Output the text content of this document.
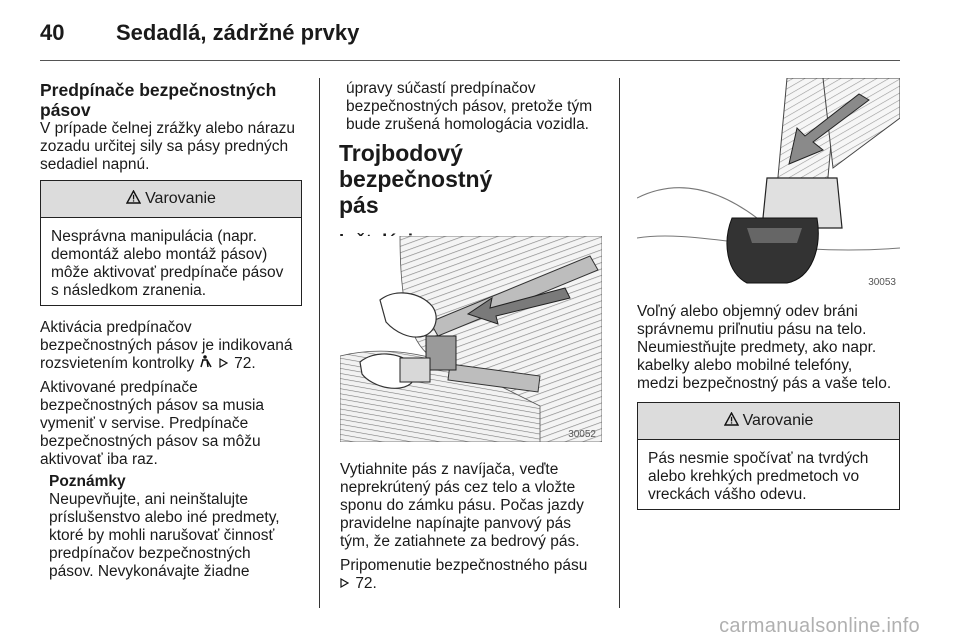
40 Sedadlá, zádržné prvky
Predpínače bezpečnostných pásov

V prípade čelnej zrážky alebo nárazu

zozadu určitej sily sa pásy predných

sedadiel napnú.

Varovanie

Nesprávna manipulácia (napr.

demontáž alebo montáž pásov)

môže aktivovať predpínače pásov

s následkom zranenia.

Aktivácia predpínačov

bezpečnostných pásov je indikovaná

rozsvietením kontrolky	72.

Aktivované predpínače

bezpečnostných pásov sa musia

vymeniť v servise. Predpínače

bezpečnostných pásov sa môžu

aktivovať iba raz.

Poznámky

Neupevňujte, ani neinštalujte

príslušenstvo alebo iné predmety,

ktoré by mohli narušovať činnosť

predpínačov bezpečnostných

pásov. Nevykonávajte žiadne

úpravy súčastí predpínačov

bezpečnostných pásov, pretože tým

bude zrušená homologácia vozidla.

Trojbodový bezpečnostný
pás
30052

Vytiahnite pás z navíjača, veďte

neprekrútený pás cez telo a vložte

sponu do zámku pásu. Počas jazdy

pravidelne napínajte panvový pás

tým, že zatiahnete za bedrový pás.

Pripomenutie bezpečnostného pásu

72.

30053

Voľný alebo objemný odev bráni

správnemu priľnutiu pásu na telo.

Neumiestňujte predmety, ako napr.

kabelky alebo mobilné telefóny,

medzi bezpečnostný pás a vaše telo.

Varovanie

Pás nesmie spočívať na tvrdých

alebo krehkých predmetoch vo

vreckách vášho odevu.

carmanualsonline.info
